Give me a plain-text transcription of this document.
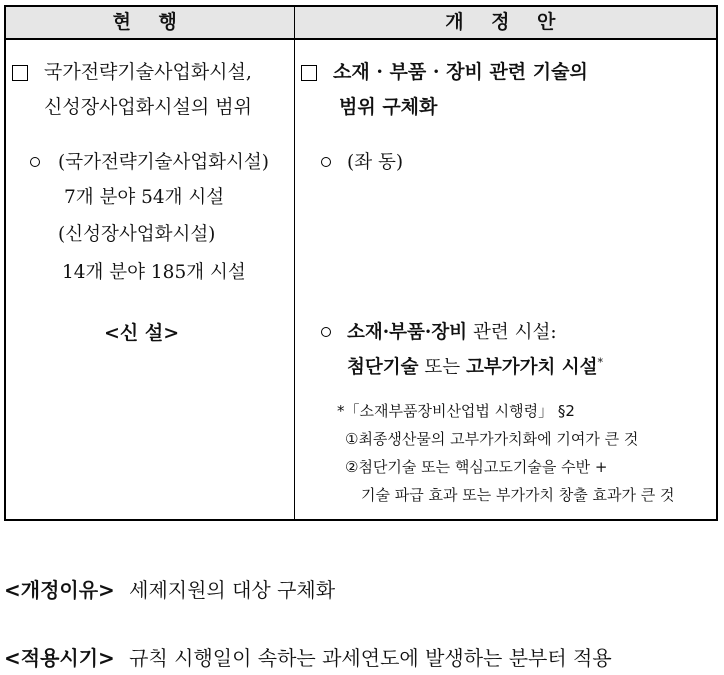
현 행	개 정 안
국가전략기술사업화시설,
신성장사업화시설의 범위
(국가전략기술사업화시설)
7개 분야 54개 시설
(신성장사업화시설)
14개 분야 185개 시설
<신 설>
소재 · 부품 · 장비 관련 기술의
범위 구체화
(좌 동)
소재·부품·장비 관련 시설:
첨단기술 또는 고부가가치 시설*
*「소재부품장비산업법 시행령」 §2
①최종생산물의 고부가가치화에 기여가 큰 것
②첨단기술 또는 핵심고도기술을 수반 +
기술 파급 효과 또는 부가가치 창출 효과가 큰 것
<개정이유> 세제지원의 대상 구체화
<적용시기> 규칙 시행일이 속하는 과세연도에 발생하는 분부터 적용
